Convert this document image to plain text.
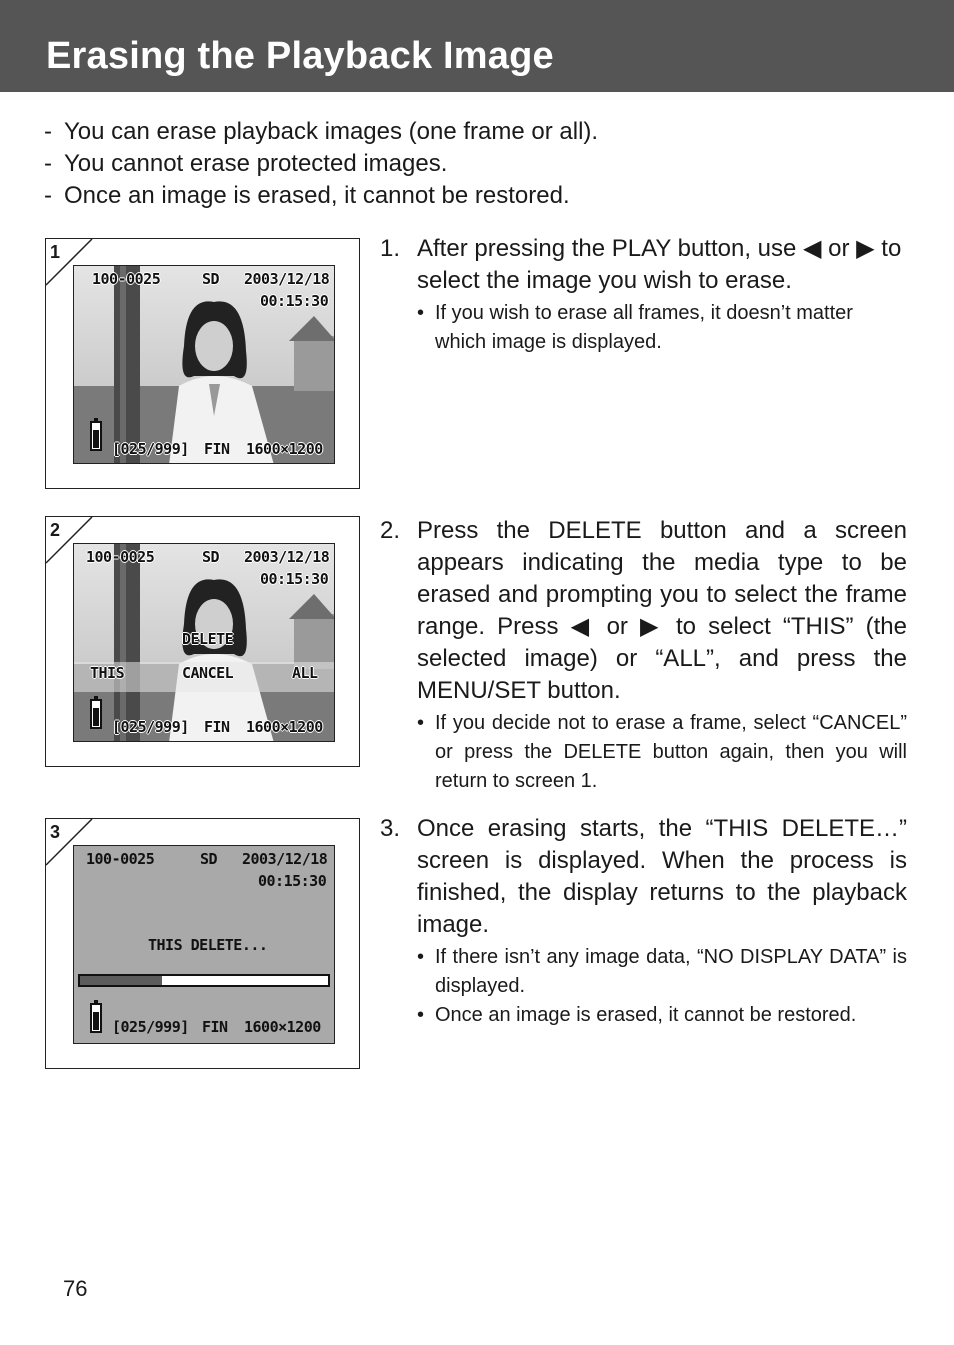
Erasing the Playback Image
- You can erase playback images (one frame or all).
- You cannot erase protected images.
- Once an image is erased, it cannot be restored.
1
100-0025	SD 2003/12/18
00:15:30
[025/999] FIN 1600×1200
2
100-0025	SD 2003/12/18
00:15:30
DELETE
THIS	CANCEL	ALL
[025/999] FIN 1600×1200
3
100-0025	SD 2003/12/18
00:15:30
THIS DELETE...
[025/999] FIN 1600×1200
1. After pressing the PLAY button, use ◀ or ▶ to select the image you wish to erase.
• If you wish to erase all frames, it doesn’t matter which image is displayed.
2. Press the DELETE button and a screen appears indicating the media type to be erased and prompting you to select the frame range. Press ◀ or ▶ to select “THIS” (the selected image) or “ALL”, and press the MENU/SET button.
• If you decide not to erase a frame, select “CANCEL” or press the DELETE button again, then you will return to screen 1.
3. Once erasing starts, the “THIS DELETE…” screen is displayed. When the process is finished, the display returns to the playback image.
• If there isn’t any image data, “NO DISPLAY DATA” is displayed.
• Once an image is erased, it cannot be restored.
76
